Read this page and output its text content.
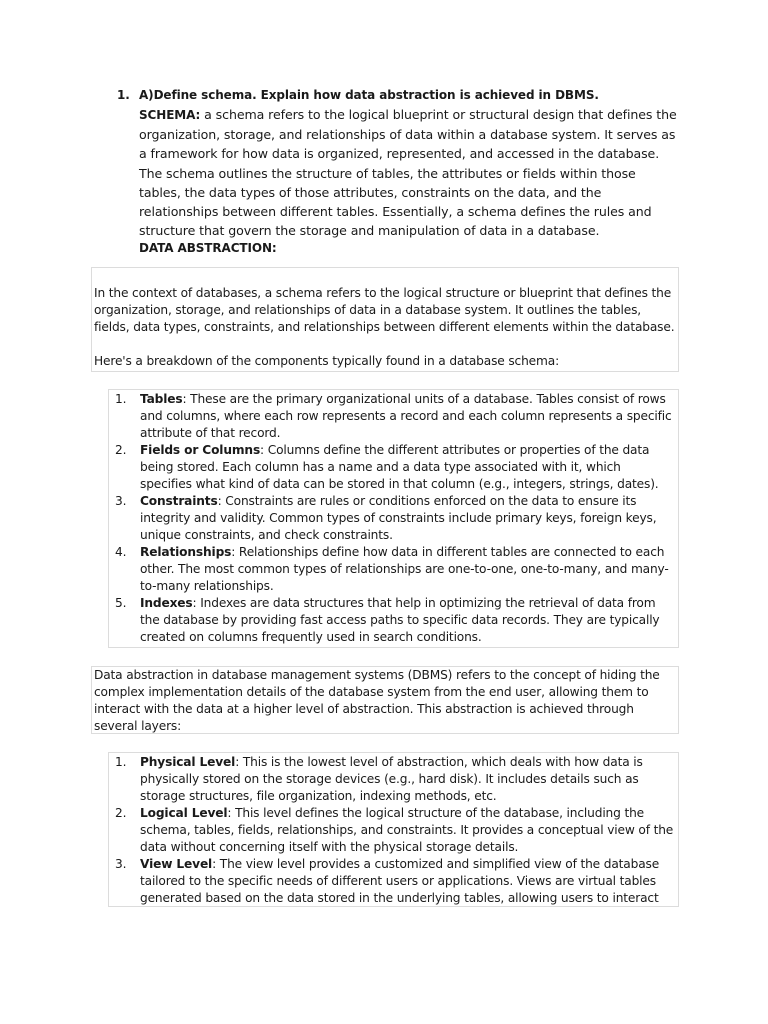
1. A)Define schema. Explain how data abstraction is achieved in DBMS.
SCHEMA: a schema refers to the logical blueprint or structural design that defines the organization, storage, and relationships of data within a database system. It serves as a framework for how data is organized, represented, and accessed in the database. The schema outlines the structure of tables, the attributes or fields within those tables, the data types of those attributes, constraints on the data, and the relationships between different tables. Essentially, a schema defines the rules and structure that govern the storage and manipulation of data in a database.
DATA ABSTRACTION:

In the context of databases, a schema refers to the logical structure or blueprint that defines the organization, storage, and relationships of data in a database system. It outlines the tables, fields, data types, constraints, and relationships between different elements within the database.

Here's a breakdown of the components typically found in a database schema:

1.	Tables: These are the primary organizational units of a database. Tables consist of rows and columns, where each row represents a record and each column represents a specific attribute of that record.
2.	Fields or Columns: Columns define the different attributes or properties of the data being stored. Each column has a name and a data type associated with it, which specifies what kind of data can be stored in that column (e.g., integers, strings, dates).
3.	Constraints: Constraints are rules or conditions enforced on the data to ensure its integrity and validity. Common types of constraints include primary keys, foreign keys, unique constraints, and check constraints.
4.	Relationships: Relationships define how data in different tables are connected to each other. The most common types of relationships are one-to-one, one-to-many, and many-to-many relationships.
5.	Indexes: Indexes are data structures that help in optimizing the retrieval of data from the database by providing fast access paths to specific data records. They are typically created on columns frequently used in search conditions.

Data abstraction in database management systems (DBMS) refers to the concept of hiding the complex implementation details of the database system from the end user, allowing them to interact with the data at a higher level of abstraction. This abstraction is achieved through several layers:

1.	Physical Level: This is the lowest level of abstraction, which deals with how data is physically stored on the storage devices (e.g., hard disk). It includes details such as storage structures, file organization, indexing methods, etc.
2.	Logical Level: This level defines the logical structure of the database, including the schema, tables, fields, relationships, and constraints. It provides a conceptual view of the data without concerning itself with the physical storage details.
3.	View Level: The view level provides a customized and simplified view of the database tailored to the specific needs of different users or applications. Views are virtual tables generated based on the data stored in the underlying tables, allowing users to interact
